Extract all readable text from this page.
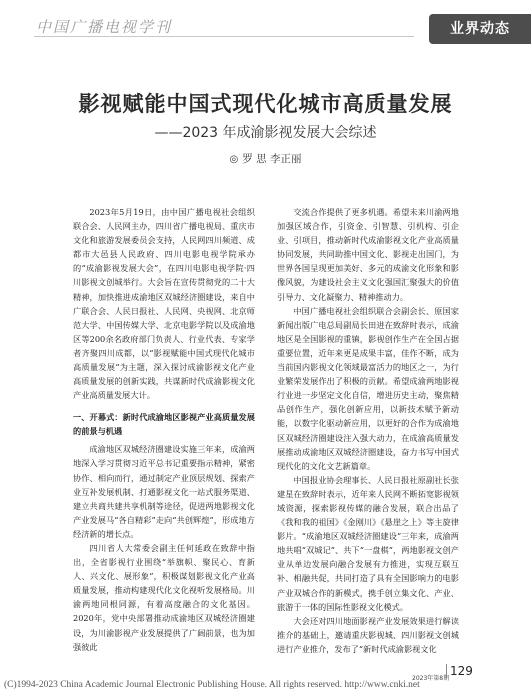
中国广播电视学刊	业界动态
影视赋能中国式现代化城市高质量发展
——2023 年成渝影视发展大会综述
◎ 罗 思 李正丽

2023年5月19日，由中国广播电视社会组织联合会、人民网主办，四川省广播电视局、重庆市文化和旅游发展委员会支持，人民网四川频道、成都市大邑县人民政府、四川电影电视学院承办的“成渝影视发展大会”，在四川电影电视学院·四川影视文创城举行。大会旨在宣传贯彻党的二十大精神，加快推进成渝地区双城经济圈建设，来自中广联合会、人民日报社、人民网、央视网、北京师范大学、中国传媒大学、北京电影学院以及成渝地区等200余名政府部门负责人、行业代表、专家学者齐聚四川成都，以“影视赋能中国式现代化城市高质量发展”为主题，深入探讨成渝影视文化产业高质量发展的创新实践，共谋新时代成渝影视文化产业高质量发展大计。

一、开幕式：新时代成渝地区影视产业高质量发展的前景与机遇

成渝地区双城经济圈建设实施三年来，成渝两地深入学习贯彻习近平总书记重要指示精神，紧密协作、相向而行，通过制定产业顶层规划、探索产业互补发展机制、打通影视文化一站式服务渠道、建立共商共建共享机制等途径，促进两地影视文化产业发展马“各自精彩”走向“共创辉煌”，形成地方经济新的增长点。

四川省人大常委会副主任何延政在致辞中指出，全省影视行业围绕“举旗帜、聚民心、育新人、兴文化、展形象”，积极谋划影视文化产业高质量发展，推动构建现代化文化视听发展格局。川渝两地同根同源，有着高度融合的文化基因。2020年，党中央部署推动成渝地区双城经济圈建设，为川渝影视产业发展提供了广阔前景，也为加强彼此

交流合作提供了更多机遇。希望未来川渝两地加强区域合作，引资金、引智慧、引机构、引企业、引项目，推动新时代成渝影视文化产业高质量协同发展，共同助推中国文化、影视走出国门，为世界各国呈现更加美好、多元的成渝文化形象和影像风貌，为建设社会主义文化强国汇聚强大的价值引导力、文化凝聚力、精神推动力。

中国广播电视社会组织联合会副会长、原国家新闻出版广电总局副局长田进在致辞时表示，成渝地区是全国影视的重镇，影视创作生产在全国占据重要位置，近年来更是成果丰富，佳作不断，成为当前国内影视文化领域最富活力的地区之一，为行业繁荣发展作出了积极的贡献。希望成渝两地影视行业进一步坚定文化自信，增进历史主动，聚焦精品创作生产，强化创新应用，以新技术赋予新动能，以数字化驱动新应用，以更好的合作为成渝地区双城经济圈建设注入强大动力，在成渝高质量发展推动成渝地区双城经济圈建设，奋力书写中国式现代化的文化文艺新篇章。

中国报业协会理事长、人民日报社原副社长张建星在致辞时表示，近年来人民网不断拓宽影视领域资源，探索影视传媒的融合发展，联合出品了《我和我的祖国》《金刚川》《悬崖之上》等主旋律影片。“成渝地区双城经济圈建设”三年来，成渝两地共唱“双城记”、共下“一盘棋”，两地影视文创产业从单边发展向融合发展有力推进，实现互联互补、相融共促，共同打造了具有全国影响力的电影产业双城合作的新模式，携手创立集文化、产业、旅游于一体的国际性影视文化模式。

大会还对四川地面影视产业发展效果进行解读推介的基础上，邀请重庆影视城、四川影视文创城进行产业推介，发布了“新时代成渝影视文化

2023年第8期
129
(C)1994-2023 China Academic Journal Electronic Publishing House. All rights reserved. http://www.cnki.net
